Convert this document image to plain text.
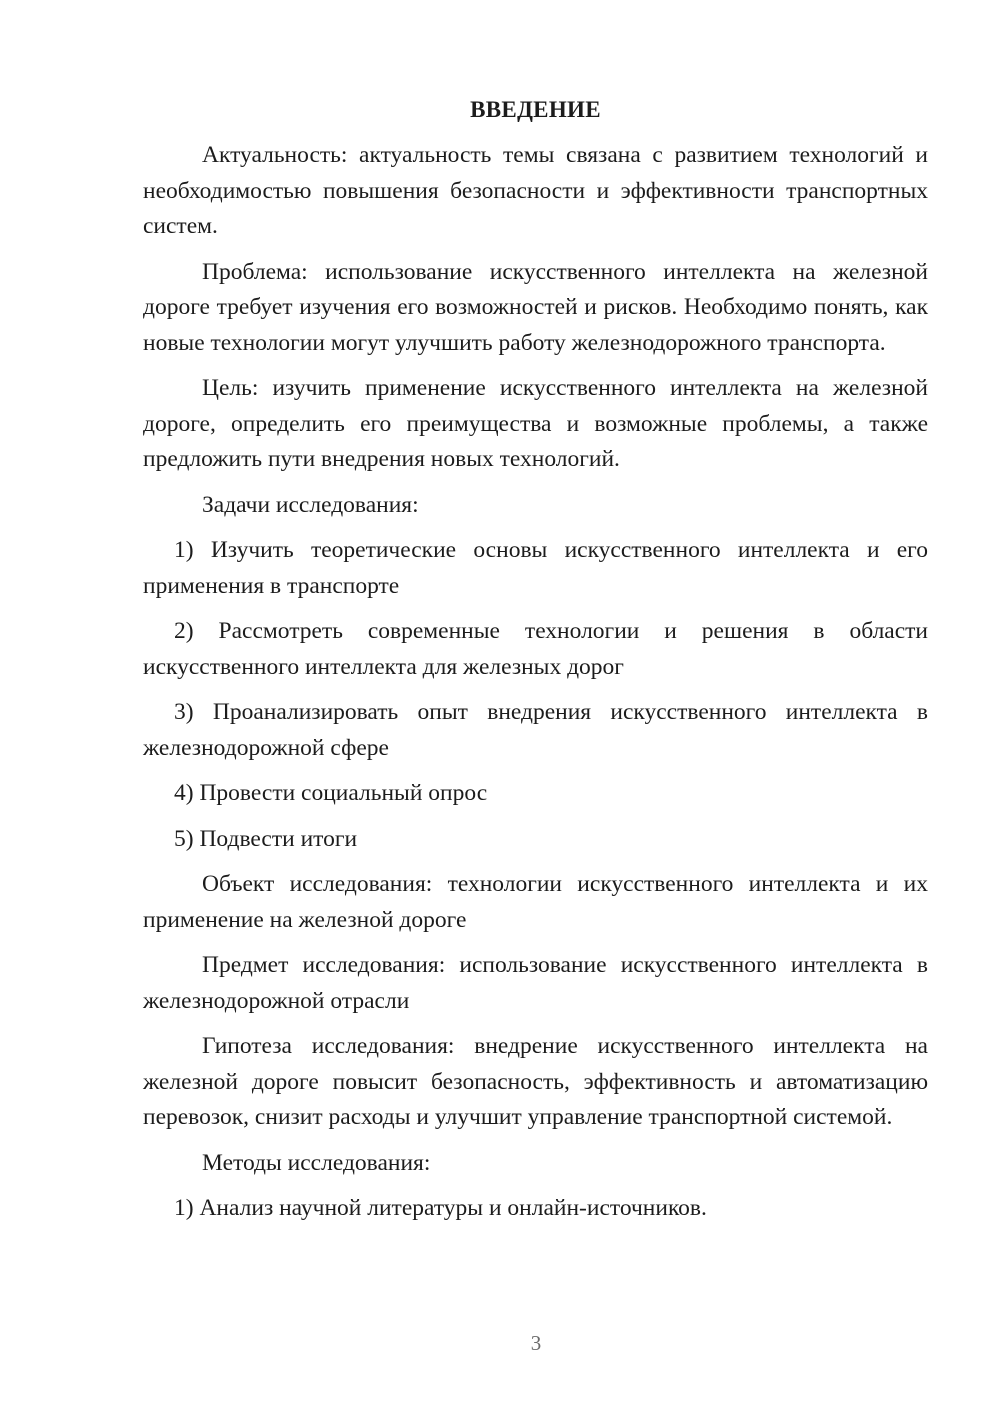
ВВЕДЕНИЕ

Актуальность: актуальность темы связана с развитием технологий и необходимостью повышения безопасности и эффективности транспортных систем.

Проблема: использование искусственного интеллекта на железной дороге требует изучения его возможностей и рисков. Необходимо понять, как новые технологии могут улучшить работу железнодорожного транспорта.

Цель: изучить применение искусственного интеллекта на железной дороге, определить его преимущества и возможные проблемы, а также предложить пути внедрения новых технологий.

Задачи исследования:

1) Изучить теоретические основы искусственного интеллекта и его применения в транспорте

2) Рассмотреть современные технологии и решения в области искусственного интеллекта для железных дорог

3) Проанализировать опыт внедрения искусственного интеллекта в железнодорожной сфере

4) Провести социальный опрос

5) Подвести итоги

Объект исследования: технологии искусственного интеллекта и их применение на железной дороге

Предмет исследования: использование искусственного интеллекта в железнодорожной отрасли

Гипотеза исследования: внедрение искусственного интеллекта на железной дороге повысит безопасность, эффективность и автоматизацию перевозок, снизит расходы и улучшит управление транспортной системой.

Методы исследования:

1) Анализ научной литературы и онлайн-источников.

3
